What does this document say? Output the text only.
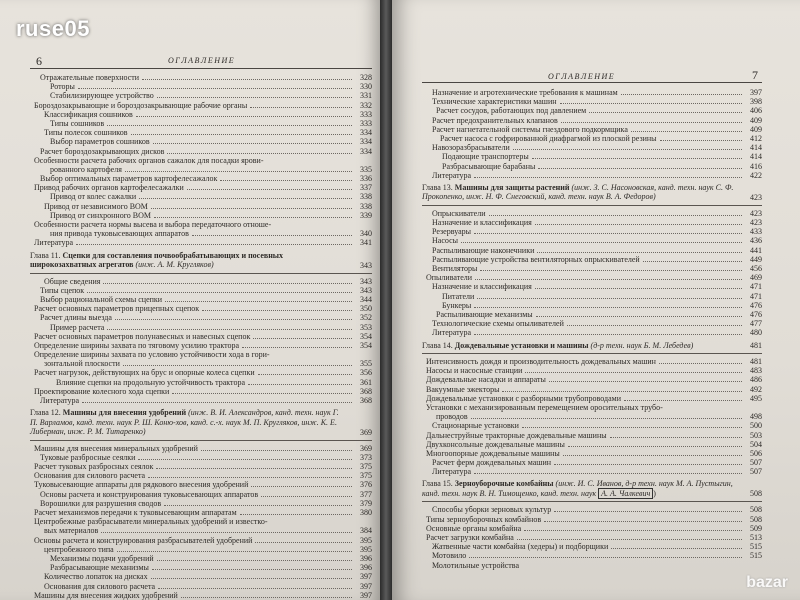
6	ОГЛАВЛЕНИЕ
Отражательные поверхности	328
Роторы	330
Стабилизирующее устройство	331
Бороздозакрывающие и бороздозакрывающие рабочие органы	332
Классификация сошников	333
Типы сошников	333
Типы полесок сошников	334
Выбор параметров сошников	334
Расчет бороздозакрывающих дисков	334
Особенности расчета рабочих органов сажалок для посадки ярови-
рованного картофеля	335
Выбор оптимальных параметров картофелесажалок	336
Привод рабочих органов картофелесажалки	337
Привод от колес сажалки	338
Привод от независимого ВОМ	338
Привод от синхронного ВОМ	339
Особенности расчета нормы высева и выбора передаточного отноше-
ния привода туковысевающих аппаратов	340
Литература	341
Глава 11. Сцепки для составления почвообрабатывающих и посевных широкозахватных агрегатов (инж. А. М. Кругляков)	343
Общие сведения	343
Типы сцепок	343
Выбор рациональной схемы сцепки	344
Расчет основных параметров прицепных сцепок	350
Расчет длины выезда	352
Пример расчета	353
Расчет основных параметров полунавесных и навесных сцепок	354
Определение ширины захвата по тяговому усилию трактора	354
Определение ширины захвата по условию устойчивости хода в гори-
зонтальной плоскости	355
Расчет нагрузок, действующих на брус и опорные колеса сцепки	356
Влияние сцепки на продольную устойчивость трактора	361
Проектирование колесного хода сцепки	368
Литература	368
Глава 12. Машины для внесения удобрений (инж. В. И. Александров, канд. техн. наук Г. П. Варламов, канд. техн. наук Р. Ш. Коню-хов, канд. с.-х. наук М. П. Кругляков, инж. К. Е. Либерман, инж. Р. М. Титаренко)	369
Машины для внесения минеральных удобрений	369
Туковые разбросные сеялки	373
Расчет туковых разбросных сеялок	375
Основания для силового расчета	375
Туковысевающие аппараты для рядкового внесения удобрений	376
Основы расчета и конструирования туковысевающих аппаратов	377
Ворошилки для разрушения сводов	379
Расчет механизмов передачи к туковысевающим аппаратам	380
Центробежные разбрасыватели минеральных удобрений и известко-
вых материалов	384
Основы расчета и конструирования разбрасывателей удобрений	395
центробежного типа	395
Механизмы подачи удобрений	396
Разбрасывающие механизмы	396
Количество лопаток на дисках	397
Основания для силового расчета	397
Машины для внесения жидких удобрений	397
ОГЛАВЛЕНИЕ	7
Назначение и агротехнические требования к машинам	397
Технические характеристики машин	398
Расчет сосудов, работающих под давлением	406
Расчет предохранительных клапанов	409
Расчет нагнетательной системы гнездового подкормщика	409
Расчет насоса с гофрированной диафрагмой из плоской резины	412
Навозоразбрасыватели	414
Подающие транспортеры	414
Разбрасывающие барабаны	416
Литература	422
Глава 13. Машины для защиты растений (инж. З. С. Насоновская, канд. техн. наук С. Ф. Прокопенко, инж. Н. Ф. Снеговский, канд. техн. наук В. А. Федоров)	423
Опрыскиватели	423
Назначение и классификация	423
Резервуары	433
Насосы	436
Распыливающие наконечники	441
Распыливающие устройства вентиляторных опрыскивателей	449
Вентиляторы	456
Опыливатели	469
Назначение и классификация	471
Питатели	471
Бункеры	476
Распыливающие механизмы	476
Технологические схемы опыливателей	477
Литература	480
Глава 14. Дождевальные установки и машины (д-р техн. наук Б. М. Лебедев)	481
Интенсивность дождя и производительность дождевальных машин	481
Насосы и насосные станции	483
Дождевальные насадки и аппараты	486
Вакуумные эжекторы	492
Дождевальные установки с разборными трубопроводами	495
Установки с механизированным перемещением оросительных трубо-
проводов	498
Стационарные установки	500
Дальнеструйные тракторные дождевальные машины	503
Двухконсольные дождевальные машины	504
Многоопорные дождевальные машины	506
Расчет ферм дождевальных машин	507
Литература	507
Глава 15. Зерноуборочные комбайны (инж. И. С. Иванов, д-р техн. наук М. А. Пустыгин, канд. техн. наук В. Н. Тимощенко, канд. техн. наук А. А. Чалкевич )	508
Способы уборки зерновых культур	508
Типы зерноуборочных комбайнов	508
Основные органы комбайна	509
Расчет загрузки комбайна	513
Жатвенные части комбайна (хедеры) и подборщики	515
Мотовило	515
Молотильные устройства
ruse05
bazar
